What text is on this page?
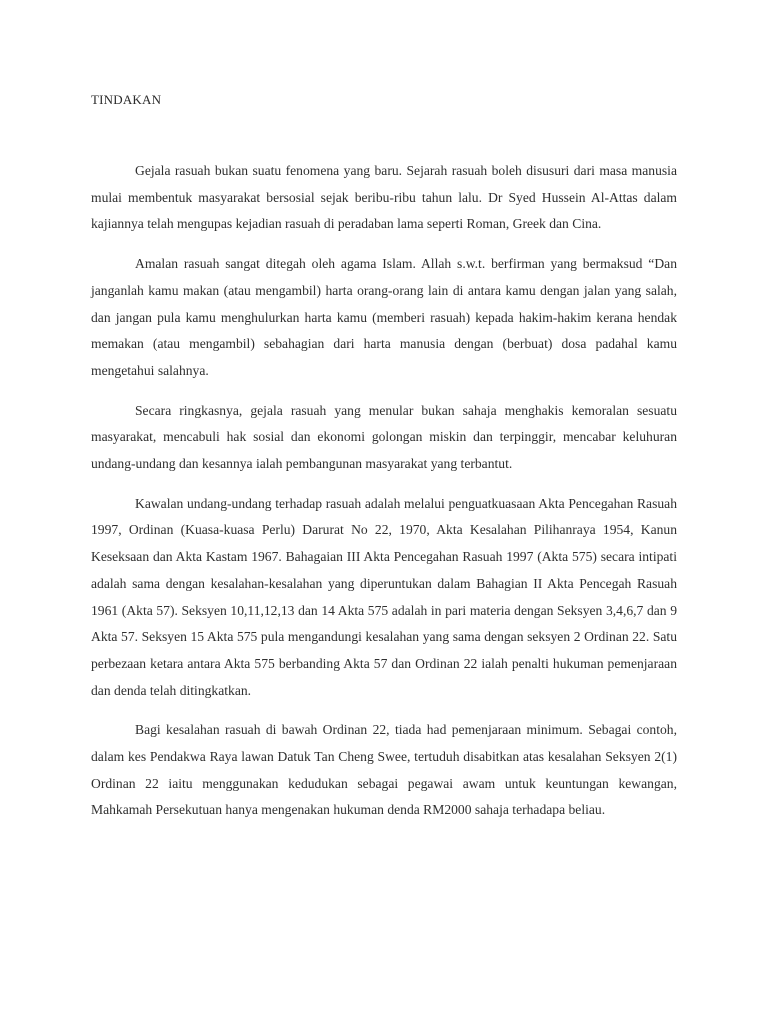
TINDAKAN

Gejala rasuah bukan suatu fenomena yang baru. Sejarah rasuah boleh disusuri dari masa manusia mulai membentuk masyarakat bersosial sejak beribu-ribu tahun lalu. Dr Syed Hussein Al-Attas dalam kajiannya telah mengupas kejadian rasuah di peradaban lama seperti Roman, Greek dan Cina.

Amalan rasuah sangat ditegah oleh agama Islam. Allah s.w.t. berfirman yang bermaksud “Dan janganlah kamu makan (atau mengambil) harta orang-orang lain di antara kamu dengan jalan yang salah, dan jangan pula kamu menghulurkan harta kamu (memberi rasuah) kepada hakim-hakim kerana hendak memakan (atau mengambil) sebahagian dari harta manusia dengan (berbuat) dosa padahal kamu mengetahui salahnya.

Secara ringkasnya, gejala rasuah yang menular bukan sahaja menghakis kemoralan sesuatu masyarakat, mencabuli hak sosial dan ekonomi golongan miskin dan terpinggir, mencabar keluhuran undang-undang dan kesannya ialah pembangunan masyarakat yang terbantut.

Kawalan undang-undang terhadap rasuah adalah melalui penguatkuasaan Akta Pencegahan Rasuah 1997, Ordinan (Kuasa-kuasa Perlu) Darurat No 22, 1970, Akta Kesalahan Pilihanraya 1954, Kanun Keseksaan dan Akta Kastam 1967. Bahagaian III Akta Pencegahan Rasuah 1997 (Akta 575) secara intipati adalah sama dengan kesalahan-kesalahan yang diperuntukan dalam Bahagian II Akta Pencegah Rasuah 1961 (Akta 57). Seksyen 10,11,12,13 dan 14 Akta 575 adalah in pari materia dengan Seksyen 3,4,6,7 dan 9 Akta 57. Seksyen 15 Akta 575 pula mengandungi kesalahan yang sama dengan seksyen 2 Ordinan 22. Satu perbezaan ketara antara Akta 575 berbanding Akta 57 dan Ordinan 22 ialah penalti hukuman pemenjaraan dan denda telah ditingkatkan.

Bagi kesalahan rasuah di bawah Ordinan 22, tiada had pemenjaraan minimum. Sebagai contoh, dalam kes Pendakwa Raya lawan Datuk Tan Cheng Swee, tertuduh disabitkan atas kesalahan Seksyen 2(1) Ordinan 22 iaitu menggunakan kedudukan sebagai pegawai awam untuk keuntungan kewangan, Mahkamah Persekutuan hanya mengenakan hukuman denda RM2000 sahaja terhadapa beliau.
